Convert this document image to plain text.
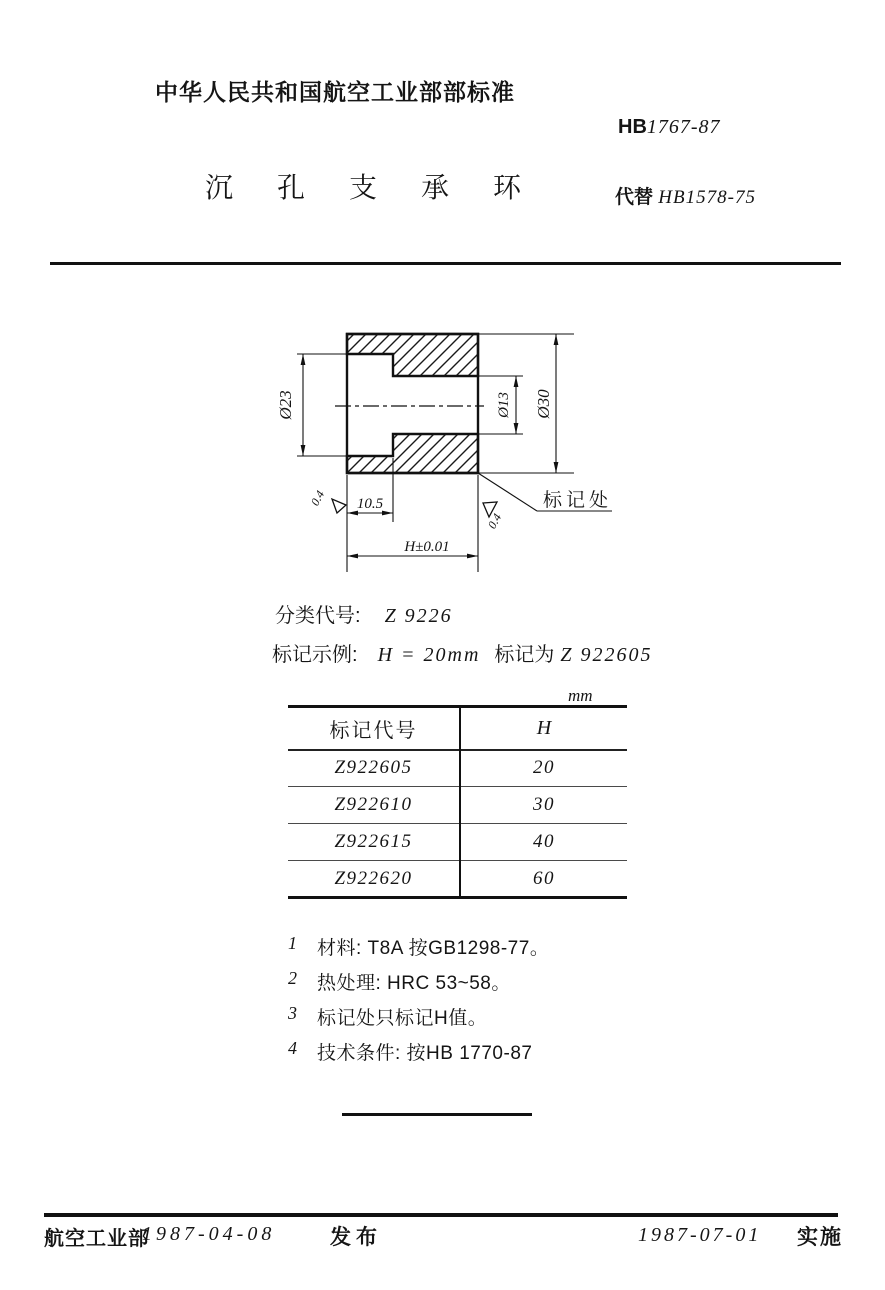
中华人民共和国航空工业部部标准
HB1767-87
沉孔支承环	代替 HB1578-75
Ø23	Ø13 Ø30
10.5
H±0.01
0.4
0.4
标记处
分类代号: Z 9226
标记示例: H = 20mm 标记为 Z 922605
mm
标记代号	H
Z922605	20
Z922610	30
Z922615	40
Z922620	60
1	材料: T8A 按GB1298-77。
2	热处理: HRC 53~58。
3	标记处只标记H值。
4	技术条件: 按HB 1770-87
航空工业部
1987-04-08	发布	1987-07-01 实施
